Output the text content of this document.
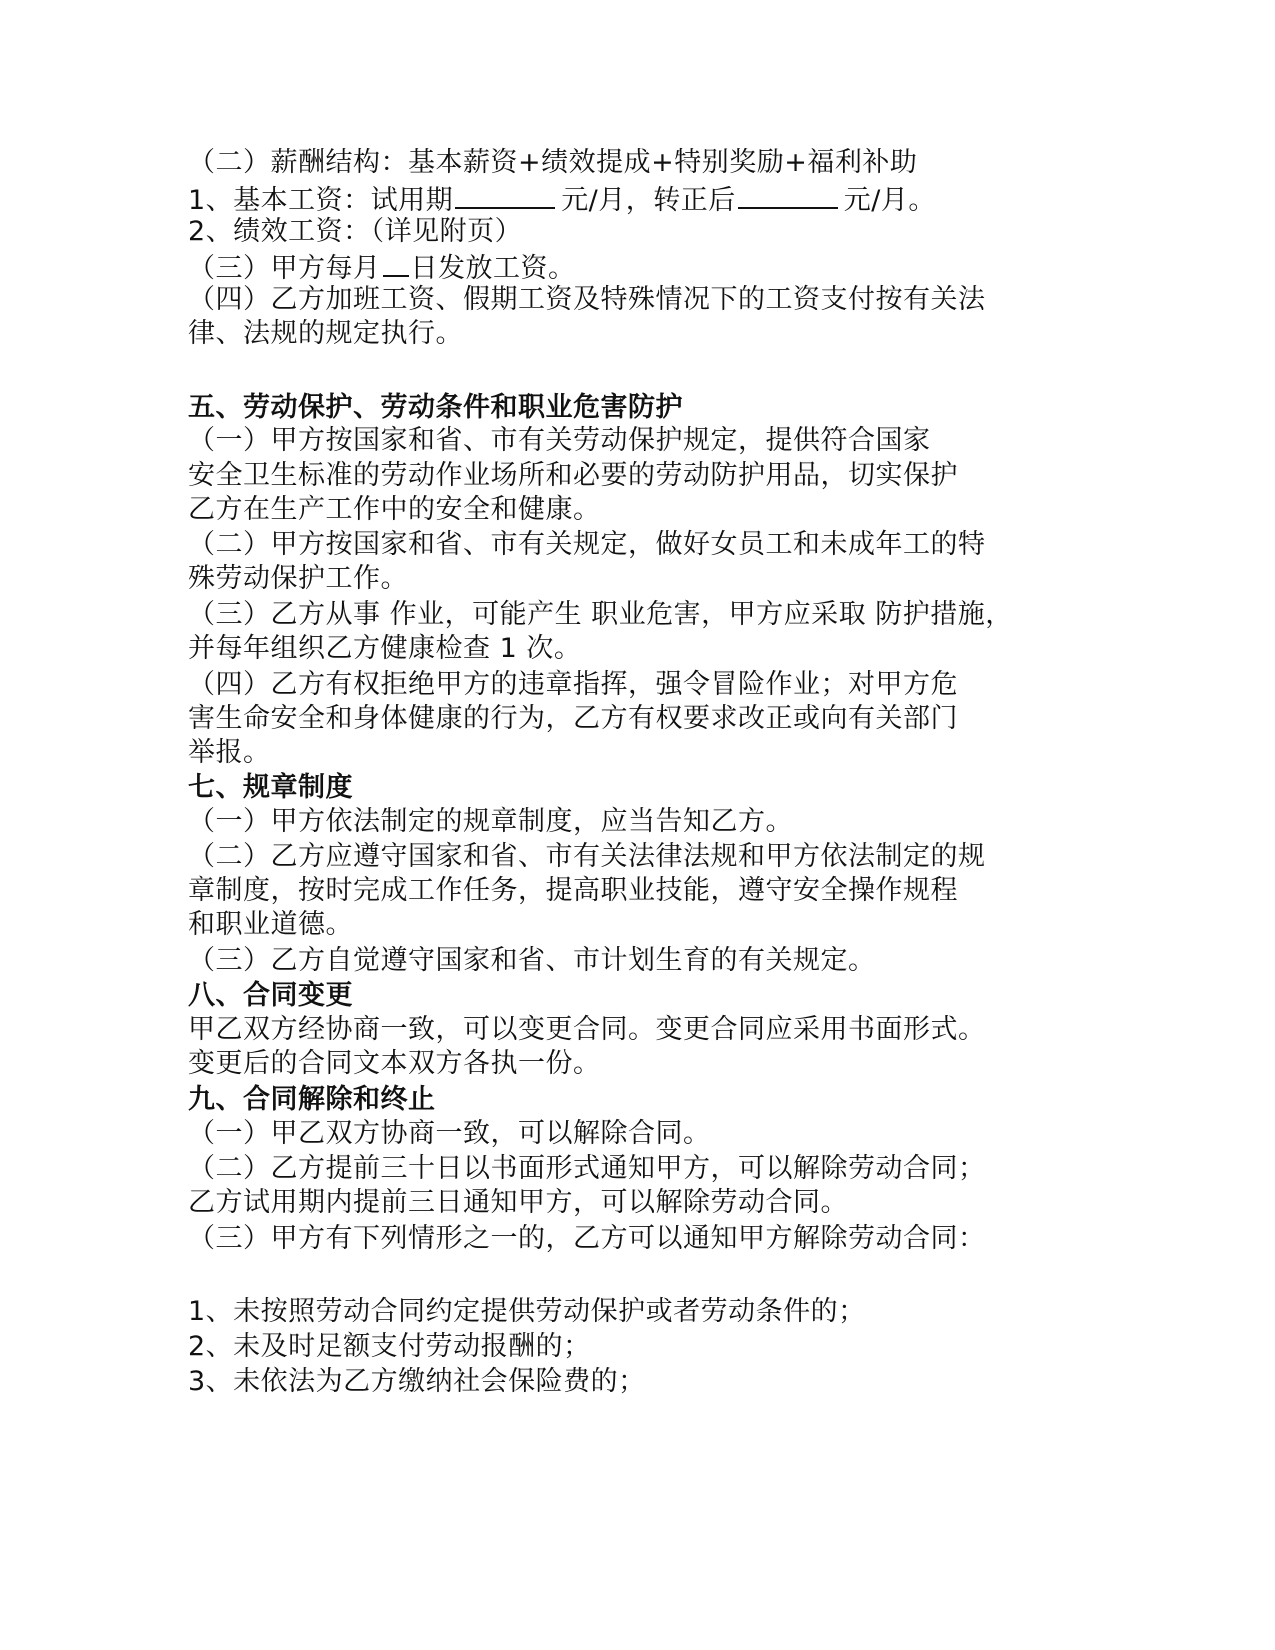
（二）薪酬结构：基本薪资+绩效提成+特别奖励+福利补助
1、基本工资：试用期	元/月，转正后	元/月。
2、绩效工资：（详见附页）
（三）甲方每月 日发放工资。
（四）乙方加班工资、假期工资及特殊情况下的工资支付按有关法
律、法规的规定执行。
五、劳动保护、劳动条件和职业危害防护
（一）甲方按国家和省、市有关劳动保护规定，提供符合国家
安全卫生标准的劳动作业场所和必要的劳动防护用品，切实保护
乙方在生产工作中的安全和健康。
（二）甲方按国家和省、市有关规定，做好女员工和未成年工的特
殊劳动保护工作。
（三）乙方从事 作业，可能产生 职业危害，甲方应采取 防护措施，
并每年组织乙方健康检查 1 次。
（四）乙方有权拒绝甲方的违章指挥，强令冒险作业；对甲方危
害生命安全和身体健康的行为，乙方有权要求改正或向有关部门
举报。
七、规章制度
（一）甲方依法制定的规章制度，应当告知乙方。
（二）乙方应遵守国家和省、市有关法律法规和甲方依法制定的规
章制度，按时完成工作任务，提高职业技能，遵守安全操作规程
和职业道德。
（三）乙方自觉遵守国家和省、市计划生育的有关规定。
八、合同变更
甲乙双方经协商一致，可以变更合同。变更合同应采用书面形式。
变更后的合同文本双方各执一份。
九、合同解除和终止
（一）甲乙双方协商一致，可以解除合同。
（二）乙方提前三十日以书面形式通知甲方，可以解除劳动合同；
乙方试用期内提前三日通知甲方，可以解除劳动合同。
（三）甲方有下列情形之一的，乙方可以通知甲方解除劳动合同：
1、未按照劳动合同约定提供劳动保护或者劳动条件的；
2、未及时足额支付劳动报酬的；
3、未依法为乙方缴纳社会保险费的；
